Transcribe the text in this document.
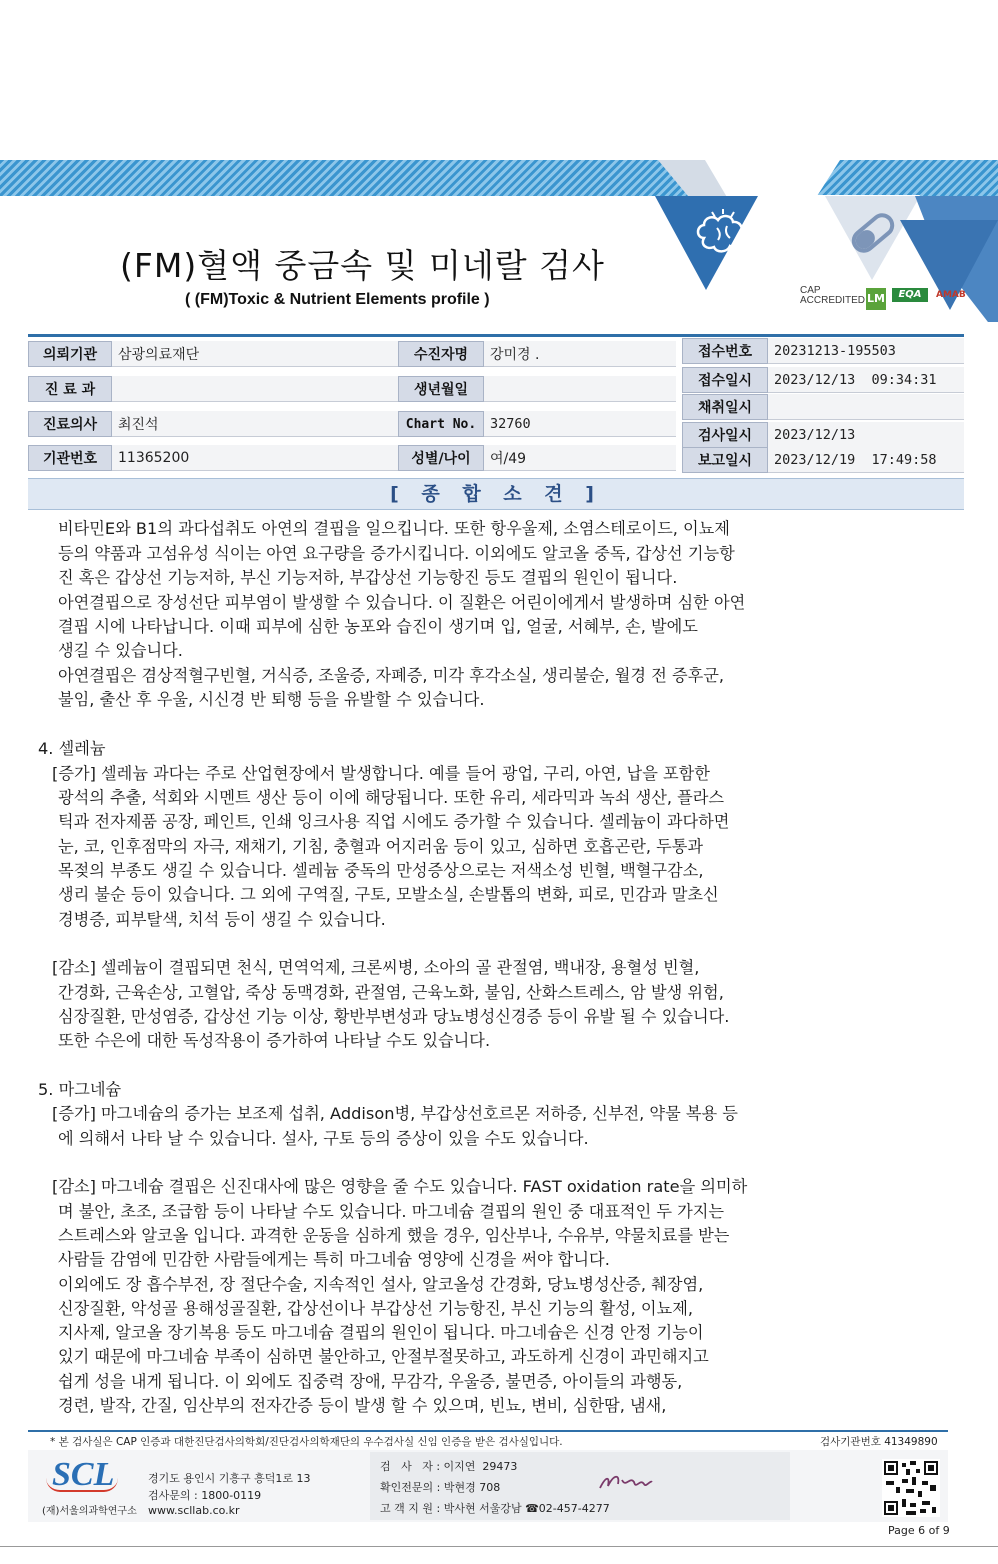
CAP ACCREDITED LM	EQA	AMAB
(FM)혈액 중금속 및 미네랄 검사
( (FM)Toxic & Nutrient Elements profile )
의뢰기관	삼광의료재단
진 료 과
진료의사	최진석
기관번호	11365200
수진자명	강미경 .
생년월일
Chart No.	32760
성별/나이	여/49
접수번호	20231213-195503
접수일시	2023/12/13  09:34:31
채취일시
검사일시	2023/12/13
보고일시	2023/12/19  17:49:58
[ 종 합 소 견 ]
비타민E와 B1의 과다섭취도 아연의 결핍을 일으킵니다. 또한 항우울제, 소염스테로이드, 이뇨제
등의 약품과 고섬유성 식이는 아연 요구량을 증가시킵니다. 이외에도 알코올 중독, 갑상선 기능항
진 혹은 갑상선 기능저하, 부신 기능저하, 부갑상선 기능항진 등도 결핍의 원인이 됩니다.
아연결핍으로 장성선단 피부염이 발생할 수 있습니다. 이 질환은 어린이에게서 발생하며 심한 아연
결핍 시에 나타납니다. 이때 피부에 심한 농포와 습진이 생기며 입, 얼굴, 서혜부, 손, 발에도
생길 수 있습니다.
아연결핍은 겸상적혈구빈혈, 거식증, 조울증, 자폐증, 미각 후각소실, 생리불순, 월경 전 증후군,
불임, 출산 후 우울, 시신경 반 퇴행 등을 유발할 수 있습니다.
4. 셀레늄
[증가] 셀레늄 과다는 주로 산업현장에서 발생합니다. 예를 들어 광업, 구리, 아연, 납을 포함한
광석의 추출, 석회와 시멘트 생산 등이 이에 해당됩니다. 또한 유리, 세라믹과 녹쇠 생산, 플라스
틱과 전자제품 공장, 페인트, 인쇄 잉크사용 직업 시에도 증가할 수 있습니다. 셀레늄이 과다하면
눈, 코, 인후점막의 자극, 재채기, 기침, 충혈과 어지러움 등이 있고, 심하면 호흡곤란, 두통과
목젖의 부종도 생길 수 있습니다. 셀레늄 중독의 만성증상으로는 저색소성 빈혈, 백혈구감소,
생리 불순 등이 있습니다. 그 외에 구역질, 구토, 모발소실, 손발톱의 변화, 피로, 민감과 말초신
경병증, 피부탈색, 치석 등이 생길 수 있습니다.
[감소] 셀레늄이 결핍되면 천식, 면역억제, 크론씨병, 소아의 골 관절염, 백내장, 용혈성 빈혈,
간경화, 근육손상, 고혈압, 죽상 동맥경화, 관절염, 근육노화, 불임, 산화스트레스, 암 발생 위험,
심장질환, 만성염증, 갑상선 기능 이상, 황반부변성과 당뇨병성신경증 등이 유발 될 수 있습니다.
또한 수은에 대한 독성작용이 증가하여 나타날 수도 있습니다.
5. 마그네슘
[증가] 마그네슘의 증가는 보조제 섭취, Addison병, 부갑상선호르몬 저하증, 신부전, 약물 복용 등
에 의해서 나타 날 수 있습니다. 설사, 구토 등의 증상이 있을 수도 있습니다.
[감소] 마그네슘 결핍은 신진대사에 많은 영향을 줄 수도 있습니다. FAST oxidation rate을 의미하
며 불안, 초조, 조급함 등이 나타날 수도 있습니다. 마그네슘 결핍의 원인 중 대표적인 두 가지는
스트레스와 알코올 입니다. 과격한 운동을 심하게 했을 경우, 임산부나, 수유부, 약물치료를 받는
사람들 감염에 민감한 사람들에게는 특히 마그네슘 영양에 신경을 써야 합니다.
이외에도 장 흡수부전, 장 절단수술, 지속적인 설사, 알코올성 간경화, 당뇨병성산증, 췌장염,
신장질환, 악성골 용해성골질환, 갑상선이나 부갑상선 기능항진, 부신 기능의 활성, 이뇨제,
지사제, 알코올 장기복용 등도 마그네슘 결핍의 원인이 됩니다. 마그네슘은 신경 안정 기능이
있기 때문에 마그네슘 부족이 심하면 불안하고, 안절부절못하고, 과도하게 신경이 과민해지고
쉽게 성을 내게 됩니다. 이 외에도 집중력 장애, 무감각, 우울증, 불면증, 아이들의 과행동,
경련, 발작, 간질, 임산부의 전자간증 등이 발생 할 수 있으며, 빈뇨, 변비, 심한땀, 냄새,
* 본 검사실은 CAP 인증과 대한진단검사의학회/진단검사의학재단의 우수검사실 신임 인증을 받은 검사실입니다.	검사기관번호 41349890
SCL
(재)서울의과학연구소
경기도 용인시 기흥구 흥덕1로 13
검사문의 : 1800-0119
www.scllab.co.kr
검   사   자 : 이지연  29473
확인전문의 : 박현경 708
고 객 지 원 : 박사현 서울강남 ☎02-457-4277
Page 6 of 9
